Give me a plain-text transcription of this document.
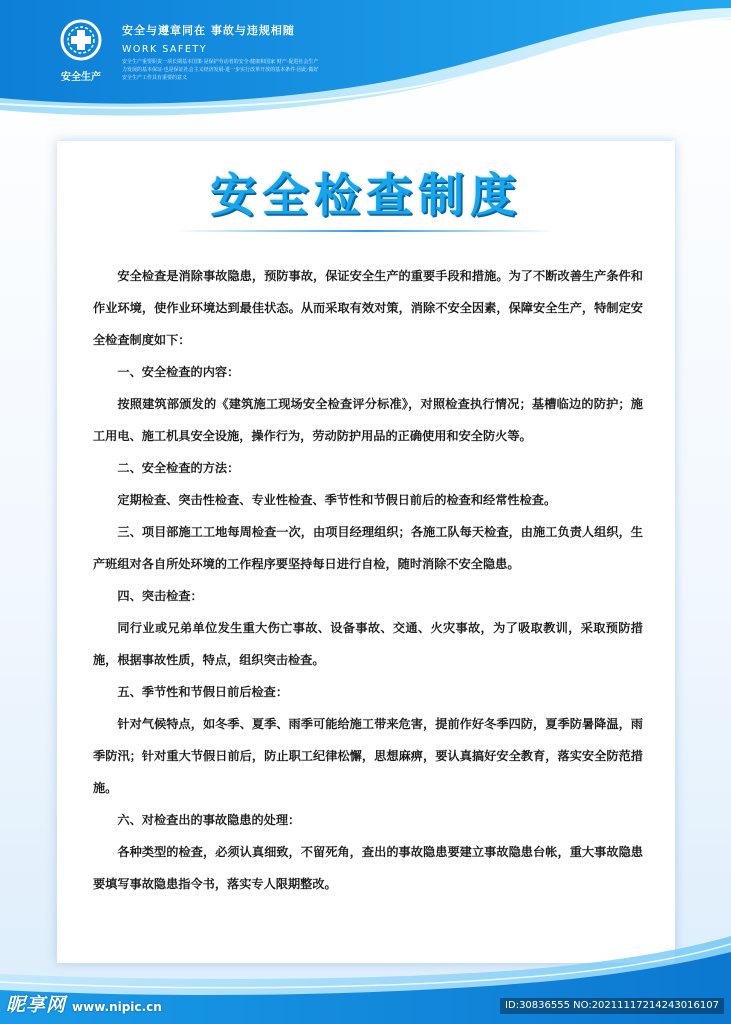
安全生产
安全与遵章同在 事故与违规相随
WORK SAFETY
安全生产重要职责一项长期基本国策·是保护劳动者的安全·健康和国家 财产·促进社会生产力发展的基本保证·也是保证社会主义经济发展·进一步实行改革开放的基本条件·因此·做好安全生产工作具有重要的意义
安全检查制度

安全检查是消除事故隐患，预防事故，保证安全生产的重要手段和措施。为了不断改善生产条件和作业环境，使作业环境达到最佳状态。从而采取有效对策，消除不安全因素，保障安全生产，特制定安全检查制度如下：

一、安全检查的内容：

按照建筑部颁发的《建筑施工现场安全检查评分标准》，对照检查执行情况；基槽临边的防护；施工用电、施工机具安全设施，操作行为，劳动防护用品的正确使用和安全防火等。

二、安全检查的方法：

定期检查、突击性检查、专业性检查、季节性和节假日前后的检查和经常性检查。

三、项目部施工工地每周检查一次，由项目经理组织；各施工队每天检查，由施工负责人组织，生产班组对各自所处环境的工作程序要坚持每日进行自检，随时消除不安全隐患。

四、突击检查：

同行业或兄弟单位发生重大伤亡事故、设备事故、交通、火灾事故，为了吸取教训，采取预防措施，根据事故性质，特点，组织突击检查。

五、季节性和节假日前后检查：

针对气候特点，如冬季、夏季、雨季可能给施工带来危害，提前作好冬季四防，夏季防暑降温，雨季防汛；针对重大节假日前后，防止职工纪律松懈，思想麻痹，要认真搞好安全教育，落实安全防范措施。

六、对检查出的事故隐患的处理：

各种类型的检查，必须认真细致，不留死角，查出的事故隐患要建立事故隐患台帐，重大事故隐患要填写事故隐患指令书，落实专人限期整改。

昵享网 www.nipic.cn	ID:30836555 NO:20211117214243016107
